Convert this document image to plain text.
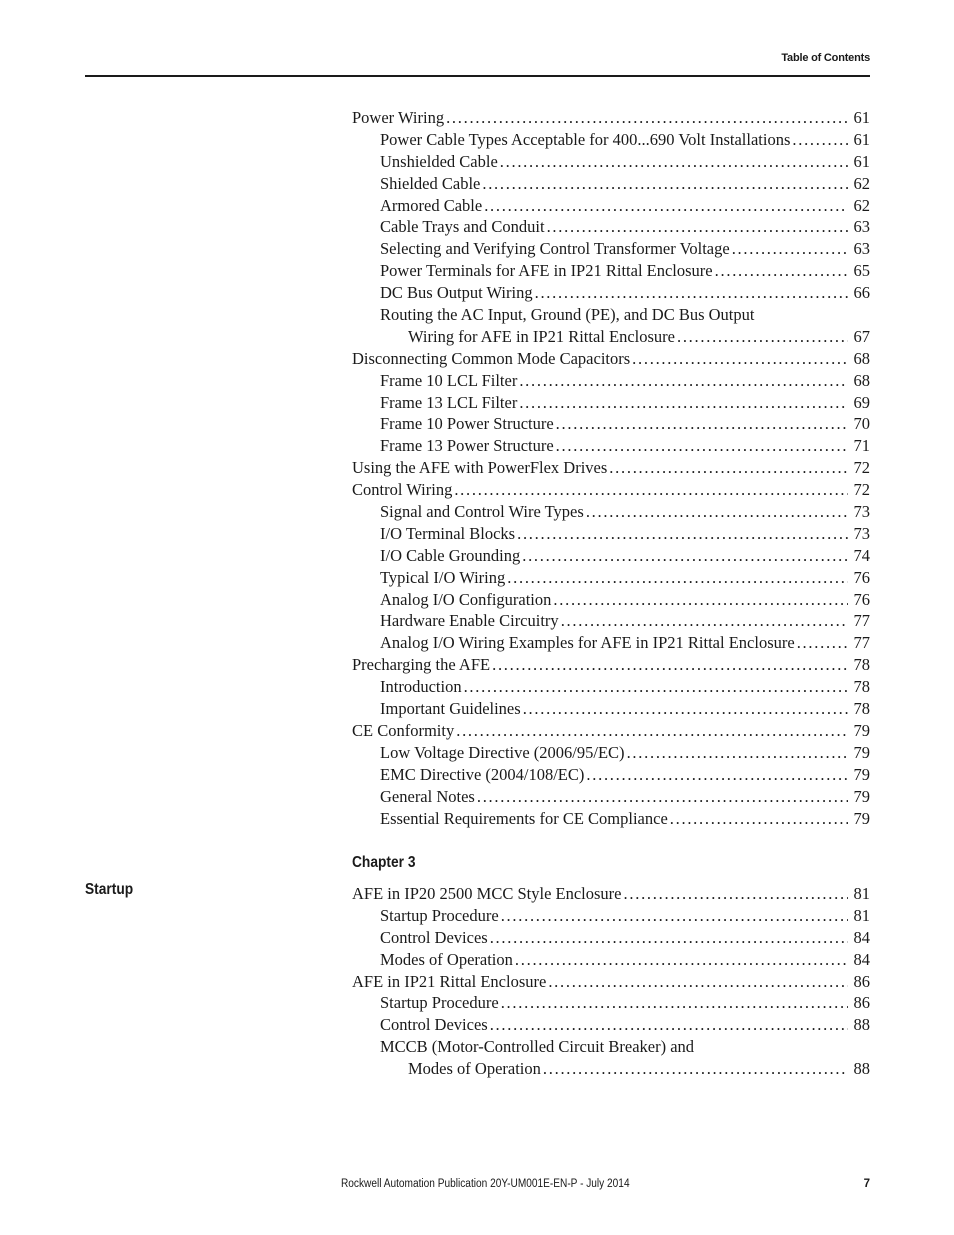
Table of Contents
Power Wiring . . .	61
Power Cable Types Acceptable for 400...690 Volt Installations . . .	61
Unshielded Cable . . .	61
Shielded Cable . . .	62
Armored Cable . . .	62
Cable Trays and Conduit . . .	63
Selecting and Verifying Control Transformer Voltage . . .	63
Power Terminals for AFE in IP21 Rittal Enclosure . . .	65
DC Bus Output Wiring . . .	66
Routing the AC Input, Ground (PE), and DC Bus Output
Wiring for AFE in IP21 Rittal Enclosure . . .	67
Disconnecting Common Mode Capacitors . . .	68
Frame 10 LCL Filter . . .	68
Frame 13 LCL Filter . . .	69
Frame 10 Power Structure . . .	70
Frame 13 Power Structure . . .	71
Using the AFE with PowerFlex Drives . . .	72
Control Wiring . . .	72
Signal and Control Wire Types . . .	73
I/O Terminal Blocks . . .	73
I/O Cable Grounding . . .	74
Typical I/O Wiring . . .	76
Analog I/O Configuration . . .	76
Hardware Enable Circuitry . . .	77
Analog I/O Wiring Examples for AFE in IP21 Rittal Enclosure . . .	77
Precharging the AFE . . .	78
Introduction . . .	78
Important Guidelines . . .	78
CE Conformity . . .	79
Low Voltage Directive (2006/95/EC) . . .	79
EMC Directive (2004/108/EC) . . .	79
General Notes . . .	79
Essential Requirements for CE Compliance . . .	79
Chapter 3
Startup	AFE in IP20 2500 MCC Style Enclosure . . .	81
Startup Procedure . . .	81
Control Devices . . .	84
Modes of Operation . . .	84
AFE in IP21 Rittal Enclosure . . .	86
Startup Procedure . . .	86
Control Devices . . .	88
MCCB (Motor-Controlled Circuit Breaker) and
Modes of Operation . . .	88
Rockwell Automation Publication 20Y-UM001E-EN-P - July 2014	7
